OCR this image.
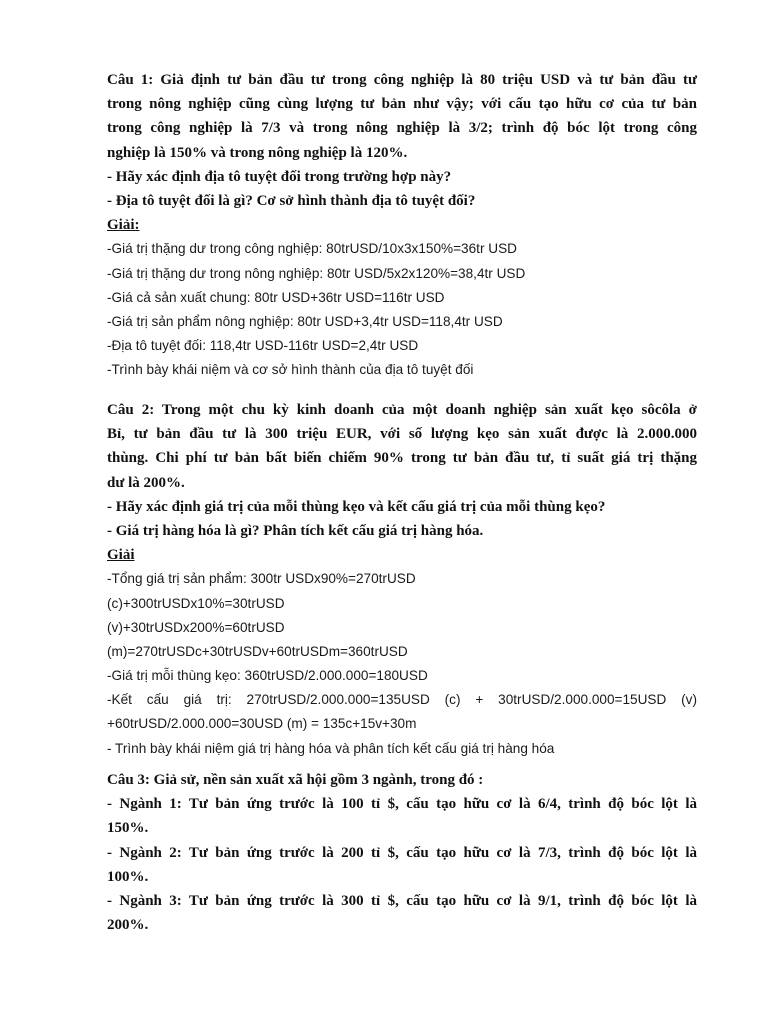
Câu 1: Giả định tư bản đầu tư trong công nghiệp là 80 triệu USD và tư bản đầu tư
trong nông nghiệp cũng cùng lượng tư bản như vậy; với cấu tạo hữu cơ của tư bản
trong công nghiệp là 7/3 và trong nông nghiệp là 3/2; trình độ bóc lột trong công
nghiệp là 150% và trong nông nghiệp là 120%.
- Hãy xác định địa tô tuyệt đối trong trường hợp này?
- Địa tô tuyệt đối là gì? Cơ sở hình thành địa tô tuyệt đối?
Giải:
-Giá trị thặng dư trong công nghiệp: 80trUSD/10x3x150%=36tr USD
-Giá trị thặng dư trong nông nghiệp: 80tr USD/5x2x120%=38,4tr USD
-Giá cả sản xuất chung: 80tr USD+36tr USD=116tr USD
-Giá trị sản phẩm nông nghiệp: 80tr USD+3,4tr USD=118,4tr USD
-Địa tô tuyệt đối: 118,4tr USD-116tr USD=2,4tr USD
-Trình bày khái niệm và cơ sở hình thành của địa tô tuyệt đối
Câu 2: Trong một chu kỳ kinh doanh của một doanh nghiệp sản xuất kẹo sôcôla ở
Bỉ, tư bản đầu tư là 300 triệu EUR, với số lượng kẹo sản xuất được là 2.000.000
thùng. Chi phí tư bản bất biến chiếm 90% trong tư bản đầu tư, tỉ suất giá trị thặng
dư là 200%.
- Hãy xác định giá trị của mỗi thùng kẹo và kết cấu giá trị của mỗi thùng kẹo?
- Giá trị hàng hóa là gì? Phân tích kết cấu giá trị hàng hóa.
Giải
-Tổng giá trị sản phẩm: 300tr USDx90%=270trUSD
(c)+300trUSDx10%=30trUSD
(v)+30trUSDx200%=60trUSD
(m)=270trUSDc+30trUSDv+60trUSDm=360trUSD
-Giá trị mỗi thùng kẹo: 360trUSD/2.000.000=180USD
-Kết cấu giá trị: 270trUSD/2.000.000=135USD (c) + 30trUSD/2.000.000=15USD (v)
+60trUSD/2.000.000=30USD (m) = 135c+15v+30m
- Trình bày khái niệm giá trị hàng hóa và phân tích kết cấu giá trị hàng hóa
Câu 3: Giả sử, nền sản xuất xã hội gồm 3 ngành, trong đó :
- Ngành 1: Tư bản ứng trước là 100 tỉ $, cấu tạo hữu cơ là 6/4, trình độ bóc lột là
150%.
- Ngành 2: Tư bản ứng trước là 200 tỉ $, cấu tạo hữu cơ là 7/3, trình độ bóc lột là
100%.
- Ngành 3: Tư bản ứng trước là 300 tỉ $, cấu tạo hữu cơ là 9/1, trình độ bóc lột là
200%.
